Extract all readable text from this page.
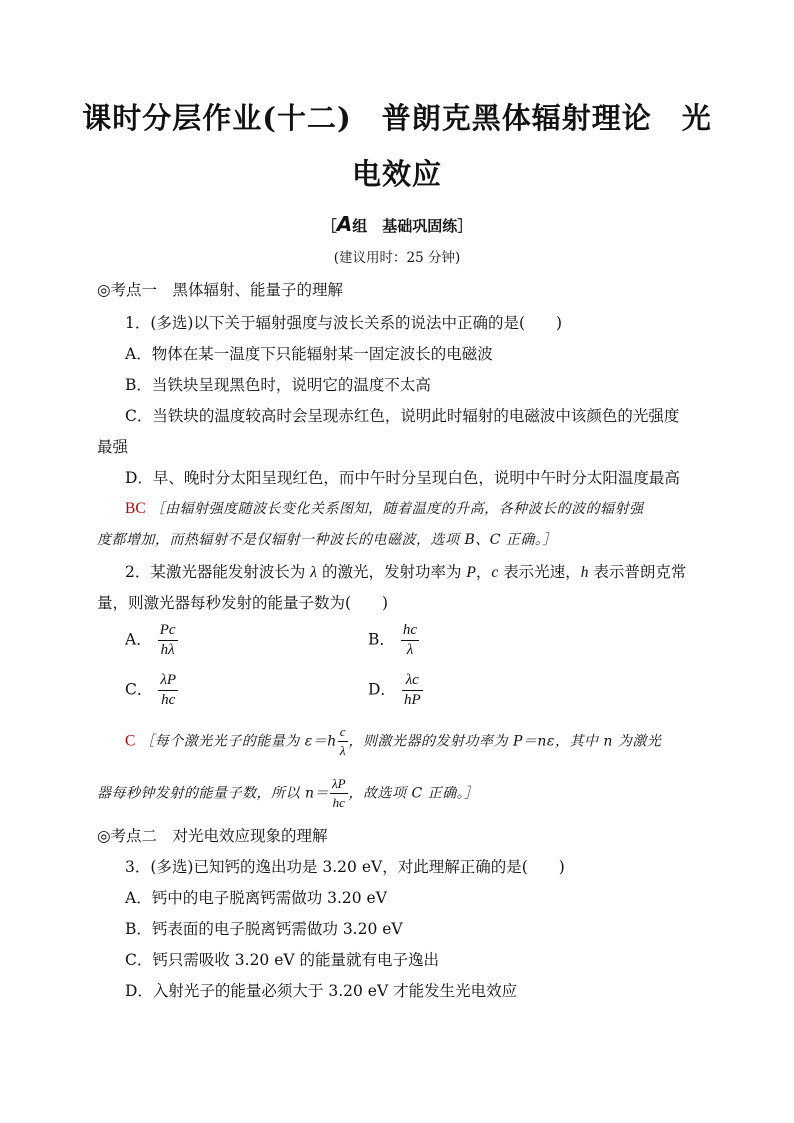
课时分层作业(十二)　普朗克黑体辐射理论　光
电效应
［A组　基础巩固练］
(建议用时：25 分钟)
◎考点一　黑体辐射、能量子的理解
1．(多选)以下关于辐射强度与波长关系的说法中正确的是(　　)
A．物体在某一温度下只能辐射某一固定波长的电磁波
B．当铁块呈现黑色时，说明它的温度不太高
C．当铁块的温度较高时会呈现赤红色，说明此时辐射的电磁波中该颜色的光强度
最强
D．早、晚时分太阳呈现红色，而中午时分呈现白色，说明中午时分太阳温度最高
BC ［由辐射强度随波长变化关系图知，随着温度的升高，各种波长的波的辐射强
度都增加，而热辐射不是仅辐射一种波长的电磁波，选项 B、C 正确。］
2．某激光器能发射波长为 λ 的激光，发射功率为 P，c 表示光速，h 表示普朗克常
量，则激光器每秒发射的能量子数为(　　)
A． $\frac{Pc}{h\lambda}$	B． $\frac{hc}{\lambda}$
C． $\frac{\lambda P}{hc}$	D． $\frac{\lambda c}{hP}$
C ［每个激光光子的能量为 $\varepsilon=h \frac{c}{\lambda}$ ，则激光器的发射功率为 P＝nε，其中 n 为激光
器每秒钟发射的能量子数，所以 $n= \frac{\lambda P}{hc}$ ，故选项 C 正确。］
◎考点二　对光电效应现象的理解
3．(多选)已知钙的逸出功是 3.20 eV，对此理解正确的是(　　)
A．钙中的电子脱离钙需做功 3.20 eV
B．钙表面的电子脱离钙需做功 3.20 eV
C．钙只需吸收 3.20 eV 的能量就有电子逸出
D．入射光子的能量必须大于 3.20 eV 才能发生光电效应
